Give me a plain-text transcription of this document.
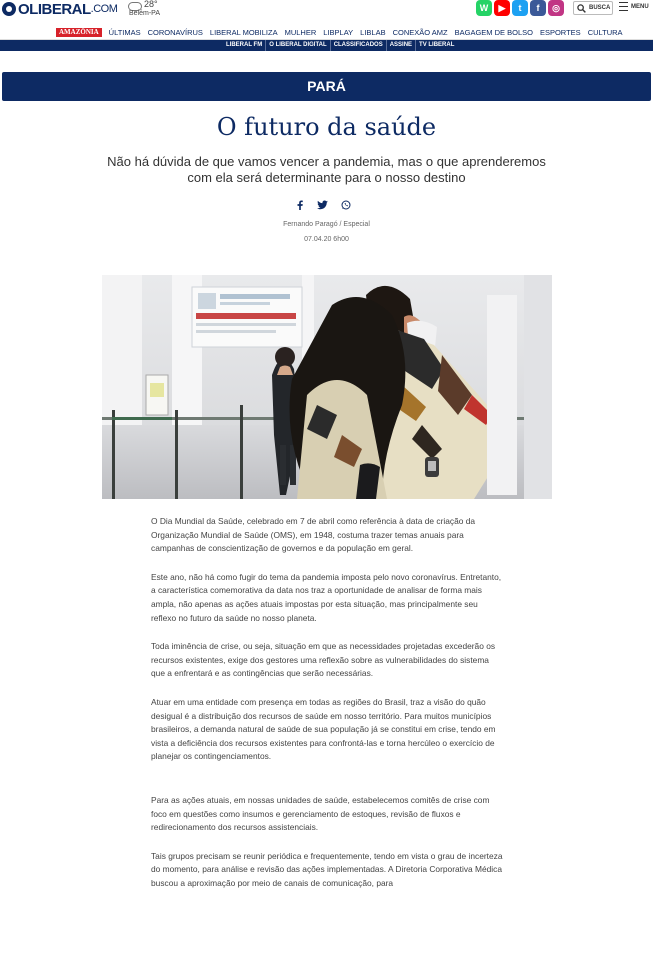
OLIBERAL .COM	28°
Belém-PA
W	▶	t	f	◎	BUSCA	MENU
AMAZÔNIA	ÚLTIMAS CORONAVÍRUS LIBERAL MOBILIZA MULHER LIBPLAY LIBLAB CONEXÃO AMZ BAGAGEM DE BOLSO ESPORTES CULTURA
LIBERAL FM	O LIBERAL DIGITAL	CLASSIFICADOS	ASSINE	TV LIBERAL
PARÁ
O futuro da saúde
Não há dúvida de que vamos vencer a pandemia, mas o que aprenderemos com ela será determinante para o nosso destino
Fernando Paragó / Especial
07.04.20 6h00

O Dia Mundial da Saúde, celebrado em 7 de abril como referência à data de criação da Organização Mundial de Saúde (OMS), em 1948, costuma trazer temas anuais para campanhas de conscientização de governos e da população em geral.

Este ano, não há como fugir do tema da pandemia imposta pelo novo coronavírus. Entretanto, a característica comemorativa da data nos traz a oportunidade de analisar de forma mais ampla, não apenas as ações atuais impostas por esta situação, mas principalmente seu reflexo no futuro da saúde no nosso planeta.

Toda iminência de crise, ou seja, situação em que as necessidades projetadas excederão os recursos existentes, exige dos gestores uma reflexão sobre as vulnerabilidades do sistema que a enfrentará e as contingências que serão necessárias.

Atuar em uma entidade com presença em todas as regiões do Brasil, traz a visão do quão desigual é a distribuição dos recursos de saúde em nosso território. Para muitos municípios brasileiros, a demanda natural de saúde de sua população já se constitui em crise, tendo em vista a deficiência dos recursos existentes para confrontá-las e torna hercúleo o exercício de planejar os contingenciamentos.

Para as ações atuais, em nossas unidades de saúde, estabelecemos comitês de crise com foco em questões como insumos e gerenciamento de estoques, revisão de fluxos e redirecionamento dos recursos assistenciais.

Tais grupos precisam se reunir periódica e frequentemente, tendo em vista o grau de incerteza do momento, para análise e revisão das ações implementadas. A Diretoria Corporativa Médica buscou a aproximação por meio de canais de comunicação, para
